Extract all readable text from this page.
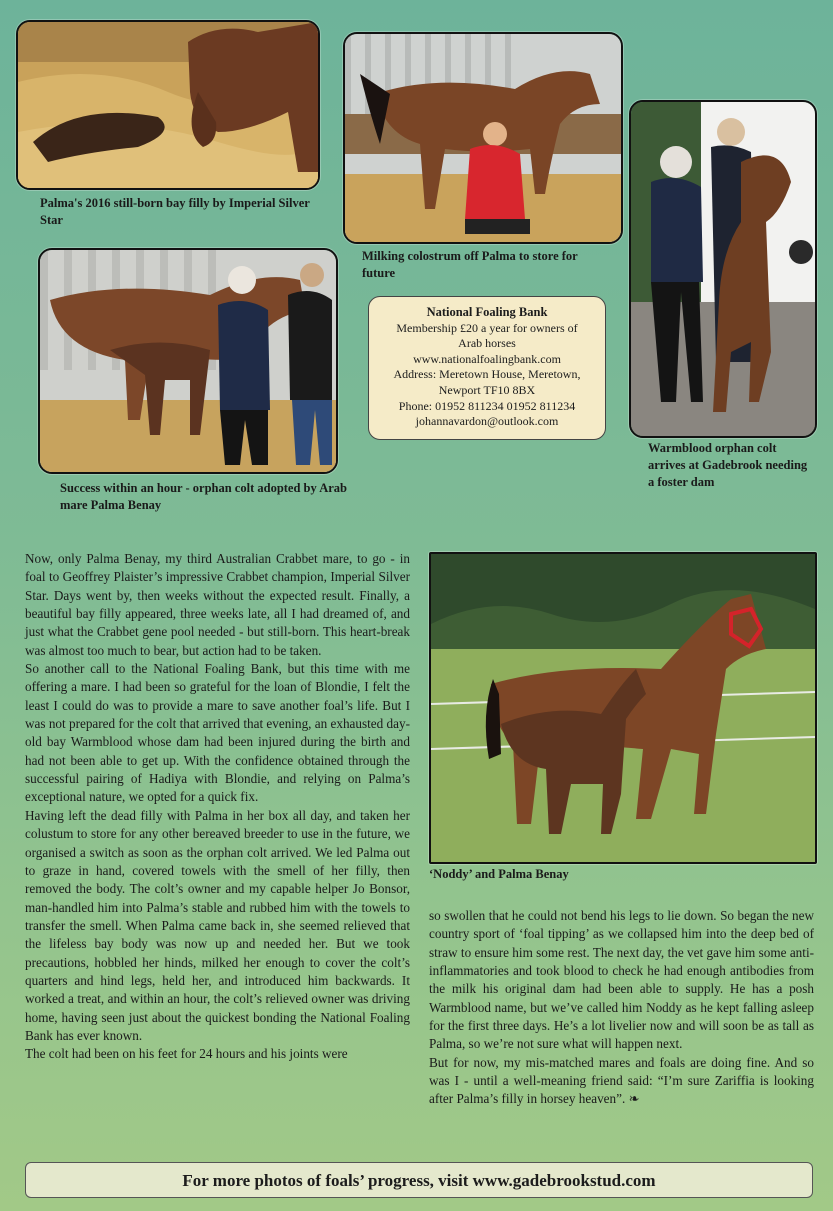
Palma's 2016 still-born bay filly by Imperial Silver Star
Milking colostrum off Palma to store for future
Warmblood orphan colt arrives at Gadebrook needing a foster dam
Success within an hour - orphan colt adopted by Arab mare Palma Benay
National Foaling Bank
Membership £20 a year for owners of
Arab horses
www.nationalfoalingbank.com
Address: Meretown House, Meretown,
Newport TF10 8BX
Phone: 01952 811234 01952 811234
johannavardon@outlook.com
‘Noddy’ and Palma Benay

Now, only Palma Benay, my third Australian Crabbet mare, to go - in foal to Geoffrey Plaister’s impressive Crabbet champion, Imperial Silver Star. Days went by, then weeks without the expected result. Finally, a beautiful bay filly appeared, three weeks late, all I had dreamed of, and just what the Crabbet gene pool needed - but still-born. This heart-break was almost too much to bear, but action had to be taken.

So another call to the National Foaling Bank, but this time with me offering a mare. I had been so grateful for the loan of Blondie, I felt the least I could do was to provide a mare to save another foal’s life. But I was not prepared for the colt that arrived that evening, an exhausted day-old bay Warmblood whose dam had been injured during the birth and had not been able to get up. With the confidence obtained through the successful pairing of Hadiya with Blondie, and relying on Palma’s exceptional nature, we opted for a quick fix.

Having left the dead filly with Palma in her box all day, and taken her colustum to store for any other bereaved breeder to use in the future, we organised a switch as soon as the orphan colt arrived. We led Palma out to graze in hand, covered towels with the smell of her filly, then removed the body. The colt’s owner and my capable helper Jo Bonsor, man-handled him into Palma’s stable and rubbed him with the towels to transfer the smell. When Palma came back in, she seemed relieved that the lifeless bay body was now up and needed her. But we took precautions, hobbled her hinds, milked her enough to cover the colt’s quarters and hind legs, held her, and introduced him backwards. It worked a treat, and within an hour, the colt’s relieved owner was driving home, having seen just about the quickest bonding the National Foaling Bank has ever known.

The colt had been on his feet for 24 hours and his joints were

so swollen that he could not bend his legs to lie down. So began the new country sport of ‘foal tipping’ as we collapsed him into the deep bed of straw to ensure him some rest. The next day, the vet gave him some anti-inflammatories and took blood to check he had enough antibodies from the milk his original dam had been able to supply. He has a posh Warmblood name, but we’ve called him Noddy as he kept falling asleep for the first three days. He’s a lot livelier now and will soon be as tall as Palma, so we’re not sure what will happen next.

But for now, my mis-matched mares and foals are doing fine. And so was I - until a well-meaning friend said: “I’m sure Zariffia is looking after Palma’s filly in horsey heaven”. ❧

For more photos of foals’ progress, visit www.gadebrookstud.com
